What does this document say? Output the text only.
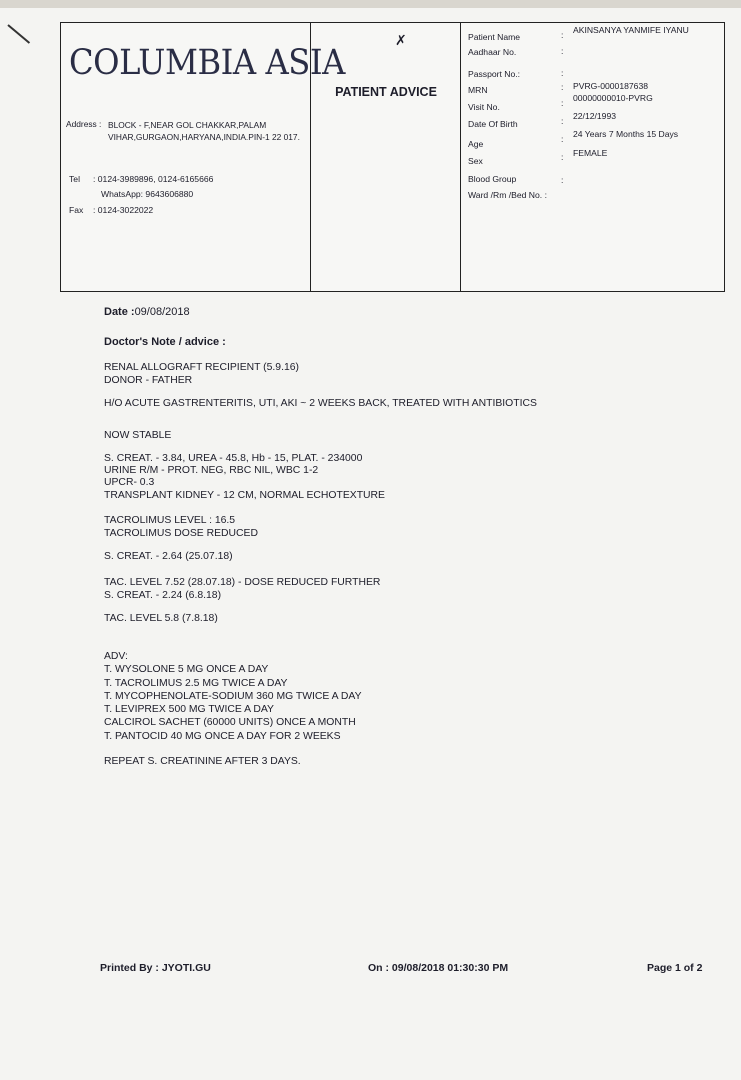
COLUMBIA ASIA
Address : BLOCK - F,NEAR GOL CHAKKAR,PALAM VIHAR,GURGAON,HARYANA,INDIA.PIN-1 22 017.
Tel : 0124-3989896, 0124-6165666
WhatsApp: 9643606880
Fax : 0124-3022022
✗
PATIENT ADVICE
Patient Name	: AKINSANYA YANMIFE IYANU
Aadhaar No.	:
Passport No.:	:
MRN	: PVRG-0000187638
Visit No.	: 00000000010-PVRG
Date Of Birth	: 22/12/1993
Age	: 24 Years 7 Months 15 Days
Sex	: FEMALE
Blood Group	:
Ward /Rm /Bed No. :
Date :09/08/2018
Doctor's Note / advice :
RENAL ALLOGRAFT RECIPIENT (5.9.16)
DONOR - FATHER
H/O ACUTE GASTRENTERITIS, UTI, AKI ~ 2 WEEKS BACK, TREATED WITH ANTIBIOTICS
NOW STABLE
S. CREAT. - 3.84, UREA - 45.8, Hb - 15, PLAT. - 234000
URINE R/M - PROT. NEG, RBC NIL, WBC 1-2
UPCR- 0.3
TRANSPLANT KIDNEY - 12 CM, NORMAL ECHOTEXTURE
TACROLIMUS LEVEL : 16.5
TACROLIMUS DOSE REDUCED
S. CREAT. - 2.64 (25.07.18)
TAC. LEVEL 7.52 (28.07.18) - DOSE REDUCED FURTHER
S. CREAT. - 2.24 (6.8.18)
TAC. LEVEL 5.8 (7.8.18)
ADV:
T. WYSOLONE 5 MG ONCE A DAY
T. TACROLIMUS 2.5 MG TWICE A DAY
T. MYCOPHENOLATE-SODIUM 360 MG TWICE A DAY
T. LEVIPREX 500 MG TWICE A DAY
CALCIROL SACHET (60000 UNITS) ONCE A MONTH
T. PANTOCID 40 MG ONCE A DAY FOR 2 WEEKS
REPEAT S. CREATININE AFTER 3 DAYS.
Printed By : JYOTI.GU	On : 09/08/2018 01:30:30 PM	Page 1 of 2
